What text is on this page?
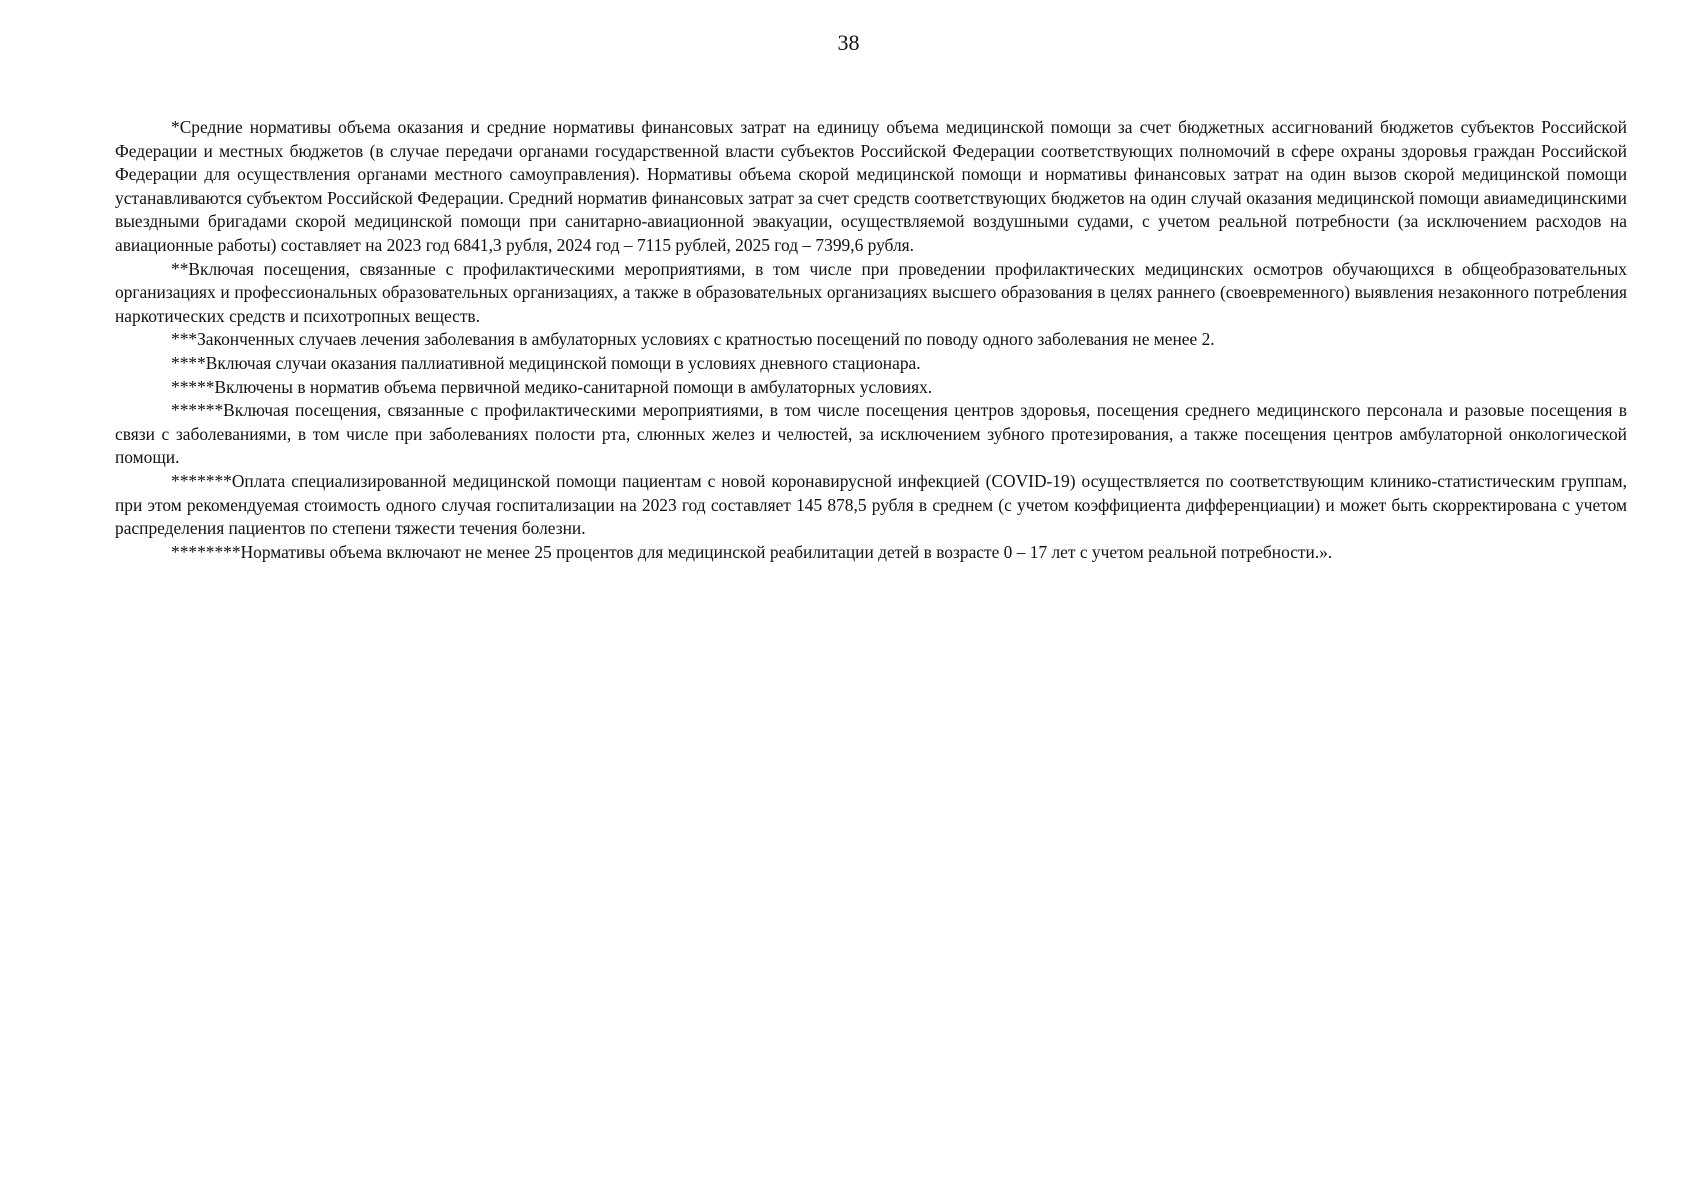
38

*Средние нормативы объема оказания и средние нормативы финансовых затрат на единицу объема медицинской помощи за счет бюджетных ассигнований бюджетов субъектов Российской Федерации и местных бюджетов (в случае передачи органами государственной власти субъектов Российской Федерации соответствующих полномочий в сфере охраны здоровья граждан Российской Федерации для осуществления органами местного самоуправления). Нормативы объема скорой медицинской помощи и нормативы финансовых затрат на один вызов скорой медицинской помощи устанавливаются субъектом Российской Федерации. Средний норматив финансовых затрат за счет средств соответствующих бюджетов на один случай оказания медицинской помощи авиамедицинскими выездными бригадами скорой медицинской помощи при санитарно-авиационной эвакуации, осуществляемой воздушными судами, с учетом реальной потребности (за исключением расходов на авиационные работы) составляет на 2023 год 6841,3 рубля, 2024 год – 7115 рублей, 2025 год – 7399,6 рубля.

**Включая посещения, связанные с профилактическими мероприятиями, в том числе при проведении профилактических медицинских осмотров обучающихся в общеобразовательных организациях и профессиональных образовательных организациях, а также в образовательных организациях высшего образования в целях раннего (своевременного) выявления незаконного потребления наркотических средств и психотропных веществ.

***Законченных случаев лечения заболевания в амбулаторных условиях с кратностью посещений по поводу одного заболевания не менее 2.

****Включая случаи оказания паллиативной медицинской помощи в условиях дневного стационара.

*****Включены в норматив объема первичной медико-санитарной помощи в амбулаторных условиях.

******Включая посещения, связанные с профилактическими мероприятиями, в том числе посещения центров здоровья, посещения среднего медицинского персонала и разовые посещения в связи с заболеваниями, в том числе при заболеваниях полости рта, слюнных желез и челюстей, за исключением зубного протезирования, а также посещения центров амбулаторной онкологической помощи.

*******Оплата специализированной медицинской помощи пациентам с новой коронавирусной инфекцией (COVID-19) осуществляется по соответствующим клинико-статистическим группам, при этом рекомендуемая стоимость одного случая госпитализации на 2023 год составляет 145 878,5 рубля в среднем (с учетом коэффициента дифференциации) и может быть скорректирована с учетом распределения пациентов по степени тяжести течения болезни.

********Нормативы объема включают не менее 25 процентов для медицинской реабилитации детей в возрасте 0 – 17 лет с учетом реальной потребности.».
